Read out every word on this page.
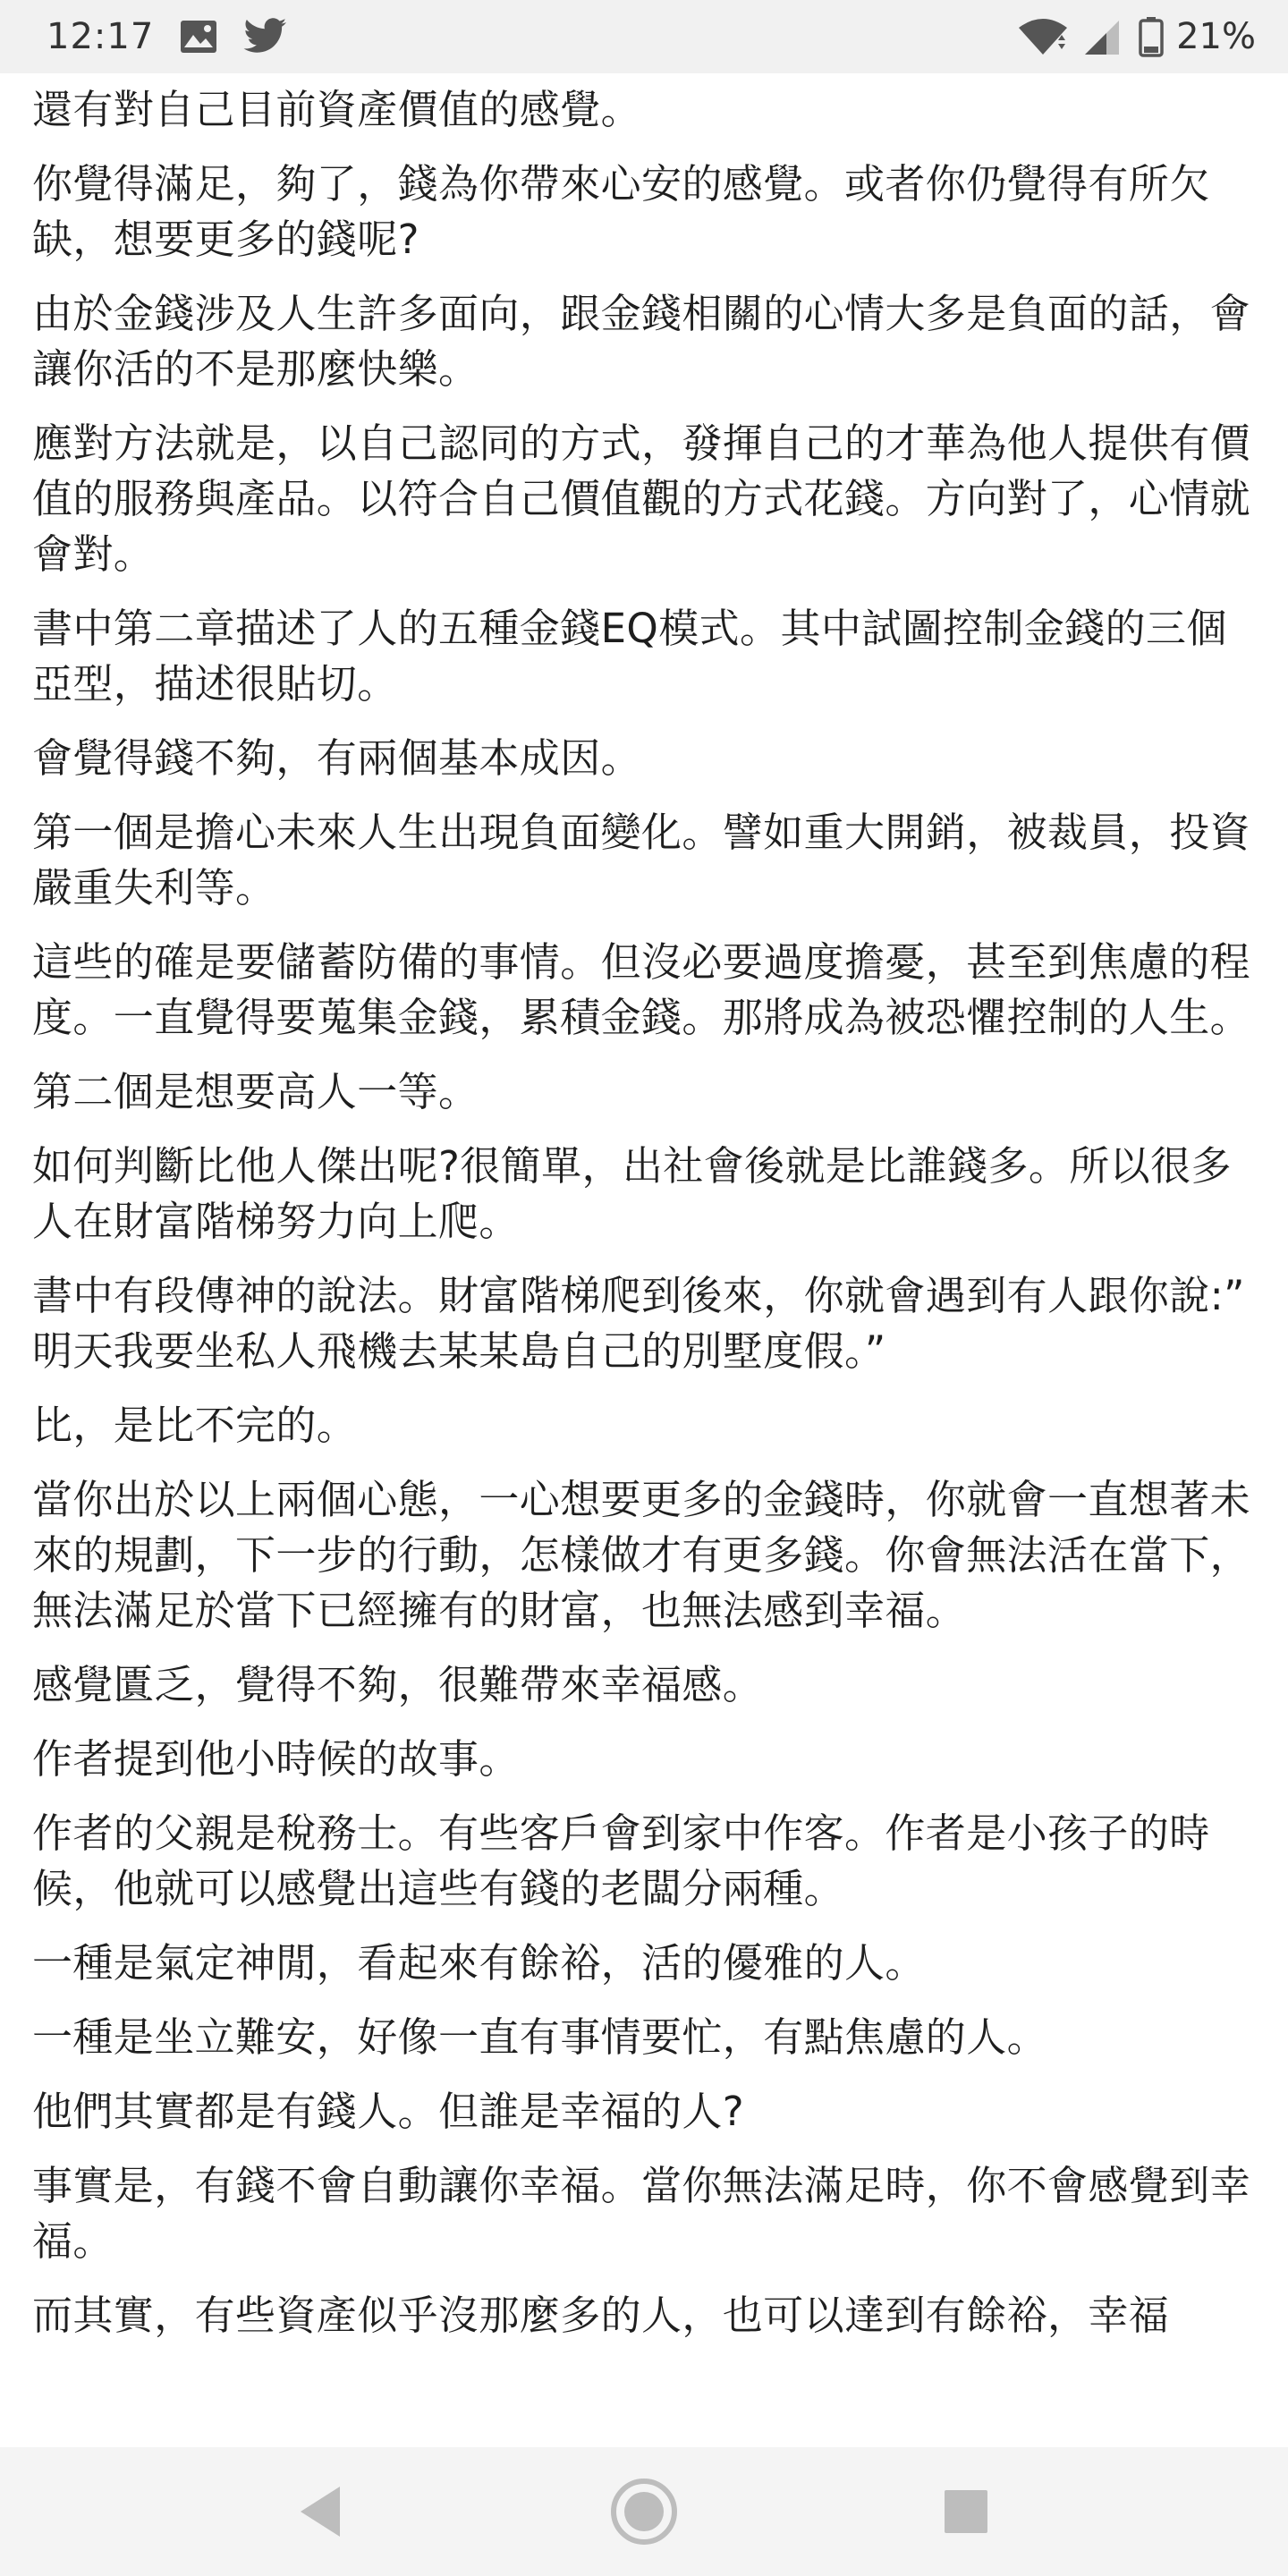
12:17	21%

還有對自己目前資產價值的感覺。

你覺得滿足，夠了，錢為你帶來心安的感覺。或者你仍覺得有所欠缺，想要更多的錢呢?

由於金錢涉及人生許多面向，跟金錢相關的心情大多是負面的話，會讓你活的不是那麼快樂。

應對方法就是，以自己認同的方式，發揮自己的才華為他人提供有價值的服務與產品。以符合自己價值觀的方式花錢。方向對了，心情就會對。

書中第二章描述了人的五種金錢EQ模式。其中試圖控制金錢的三個亞型，描述很貼切。

會覺得錢不夠，有兩個基本成因。

第一個是擔心未來人生出現負面變化。譬如重大開銷，被裁員，投資嚴重失利等。

這些的確是要儲蓄防備的事情。但沒必要過度擔憂，甚至到焦慮的程度。一直覺得要蒐集金錢，累積金錢。那將成為被恐懼控制的人生。

第二個是想要高人一等。

如何判斷比他人傑出呢?很簡單，出社會後就是比誰錢多。所以很多人在財富階梯努力向上爬。

書中有段傳神的說法。財富階梯爬到後來，你就會遇到有人跟你說:” 明天我要坐私人飛機去某某島自己的別墅度假。”

比，是比不完的。

當你出於以上兩個心態，一心想要更多的金錢時，你就會一直想著未來的規劃，下一步的行動，怎樣做才有更多錢。你會無法活在當下，無法滿足於當下已經擁有的財富，也無法感到幸福。

感覺匱乏，覺得不夠，很難帶來幸福感。

作者提到他小時候的故事。

作者的父親是稅務士。有些客戶會到家中作客。作者是小孩子的時候，他就可以感覺出這些有錢的老闆分兩種。

一種是氣定神閒，看起來有餘裕，活的優雅的人。

一種是坐立難安，好像一直有事情要忙，有點焦慮的人。

他們其實都是有錢人。但誰是幸福的人?

事實是，有錢不會自動讓你幸福。當你無法滿足時，你不會感覺到幸福。

而其實，有些資產似乎沒那麼多的人，也可以達到有餘裕，幸福
